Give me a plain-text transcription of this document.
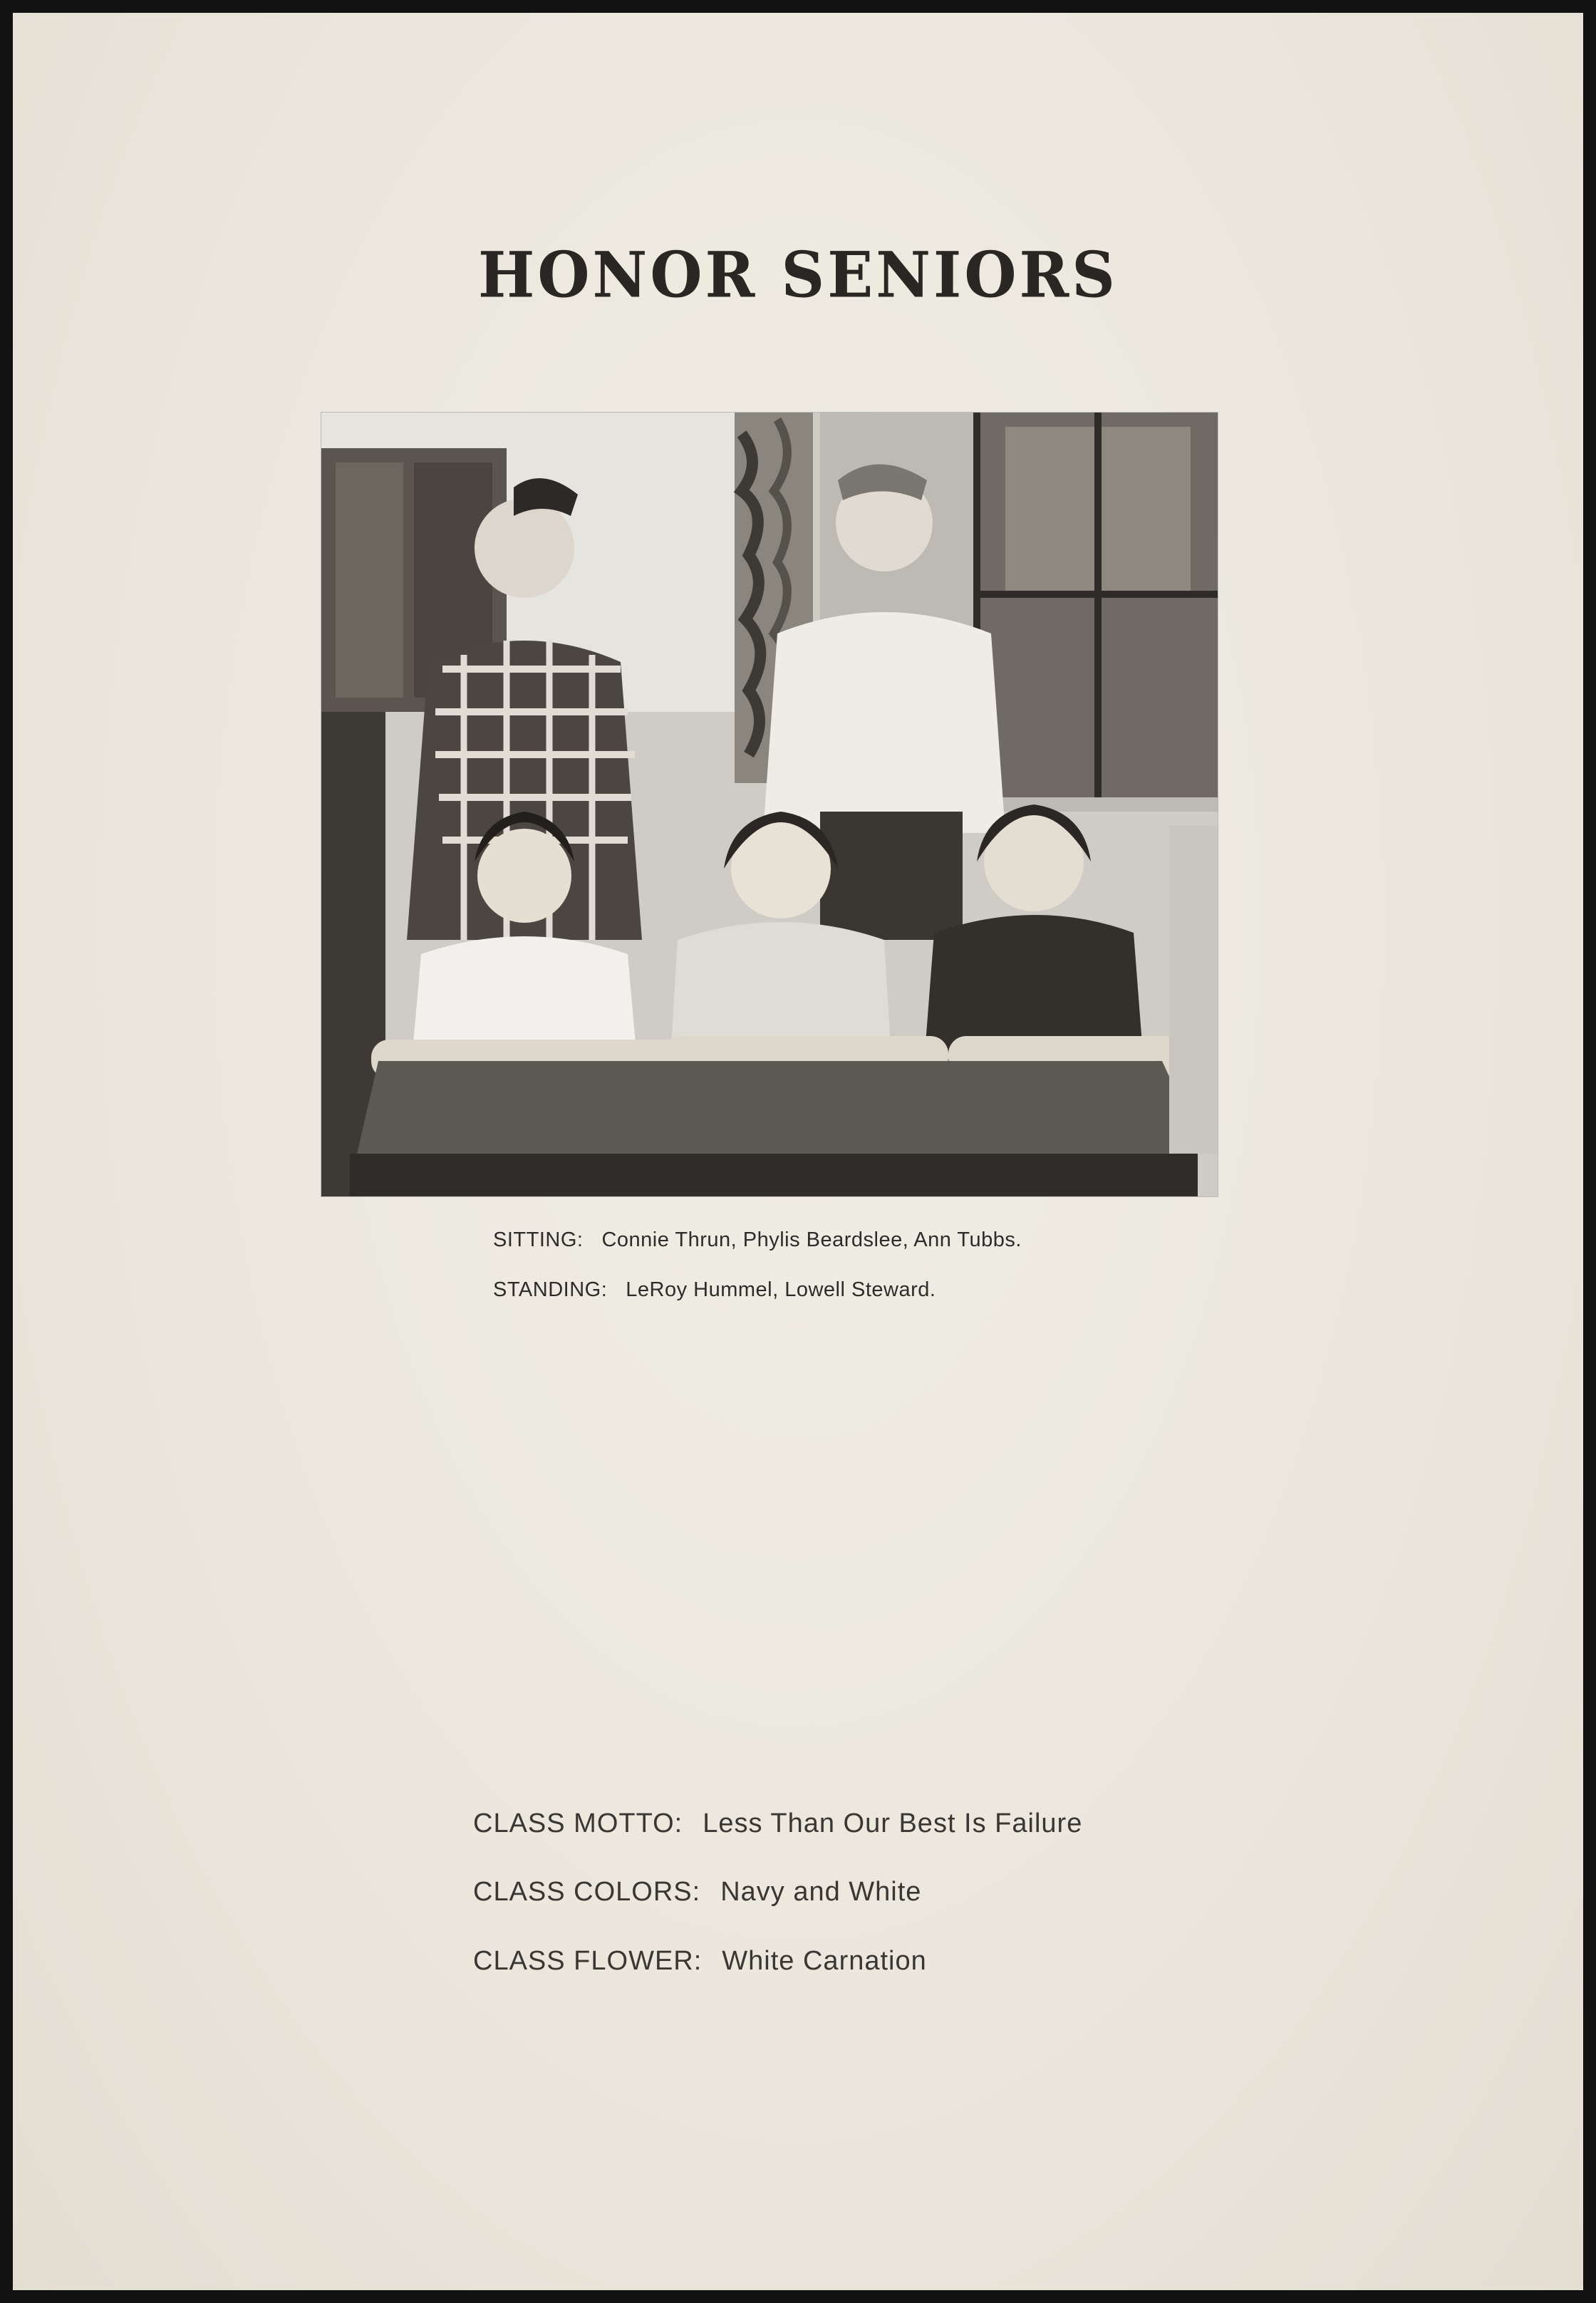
HONOR SENIORS
SITTING: Connie Thrun, Phylis Beardslee, Ann Tubbs.
STANDING: LeRoy Hummel, Lowell Steward.
CLASS MOTTO: Less Than Our Best Is Failure
CLASS COLORS: Navy and White
CLASS FLOWER: White Carnation
